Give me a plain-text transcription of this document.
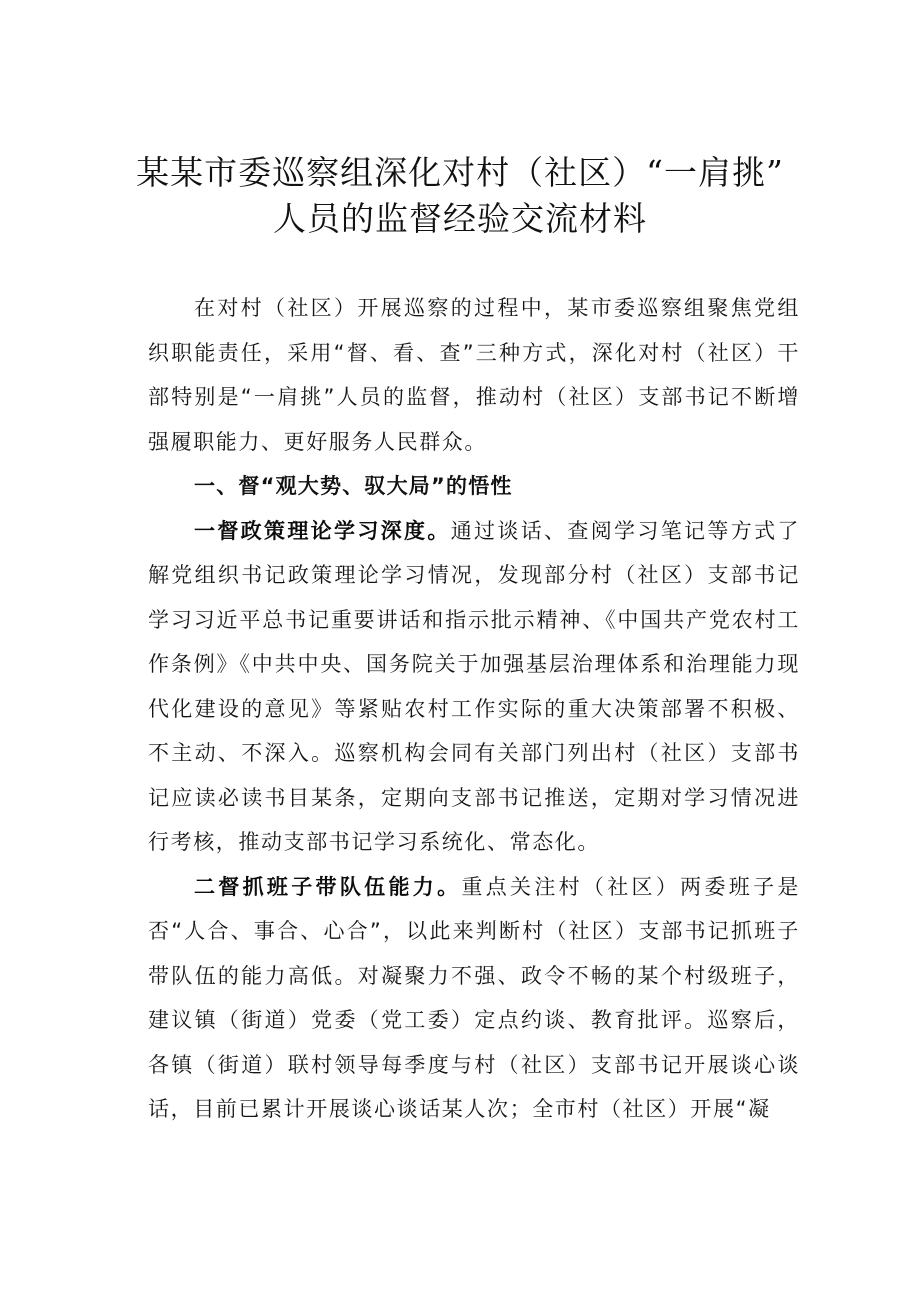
某某市委巡察组深化对村（社区）“一肩挑”
人员的监督经验交流材料

在对村（社区）开展巡察的过程中，某市委巡察组聚焦党组织职能责任，采用“督、看、查”三种方式，深化对村（社区）干部特别是“一肩挑”人员的监督，推动村（社区）支部书记不断增强履职能力、更好服务人民群众。

一、督“观大势、驭大局”的悟性

一督政策理论学习深度。通过谈话、查阅学习笔记等方式了解党组织书记政策理论学习情况，发现部分村（社区）支部书记学习习近平总书记重要讲话和指示批示精神、《中国共产党农村工作条例》《中共中央、国务院关于加强基层治理体系和治理能力现代化建设的意见》等紧贴农村工作实际的重大决策部署不积极、不主动、不深入。巡察机构会同有关部门列出村（社区）支部书记应读必读书目某条，定期向支部书记推送，定期对学习情况进行考核，推动支部书记学习系统化、常态化。

二督抓班子带队伍能力。重点关注村（社区）两委班子是否“人合、事合、心合”，以此来判断村（社区）支部书记抓班子带队伍的能力高低。对凝聚力不强、政令不畅的某个村级班子，建议镇（街道）党委（党工委）定点约谈、教育批评。巡察后，各镇（街道）联村领导每季度与村（社区）支部书记开展谈心谈话，目前已累计开展谈心谈话某人次；全市村（社区）开展“凝
